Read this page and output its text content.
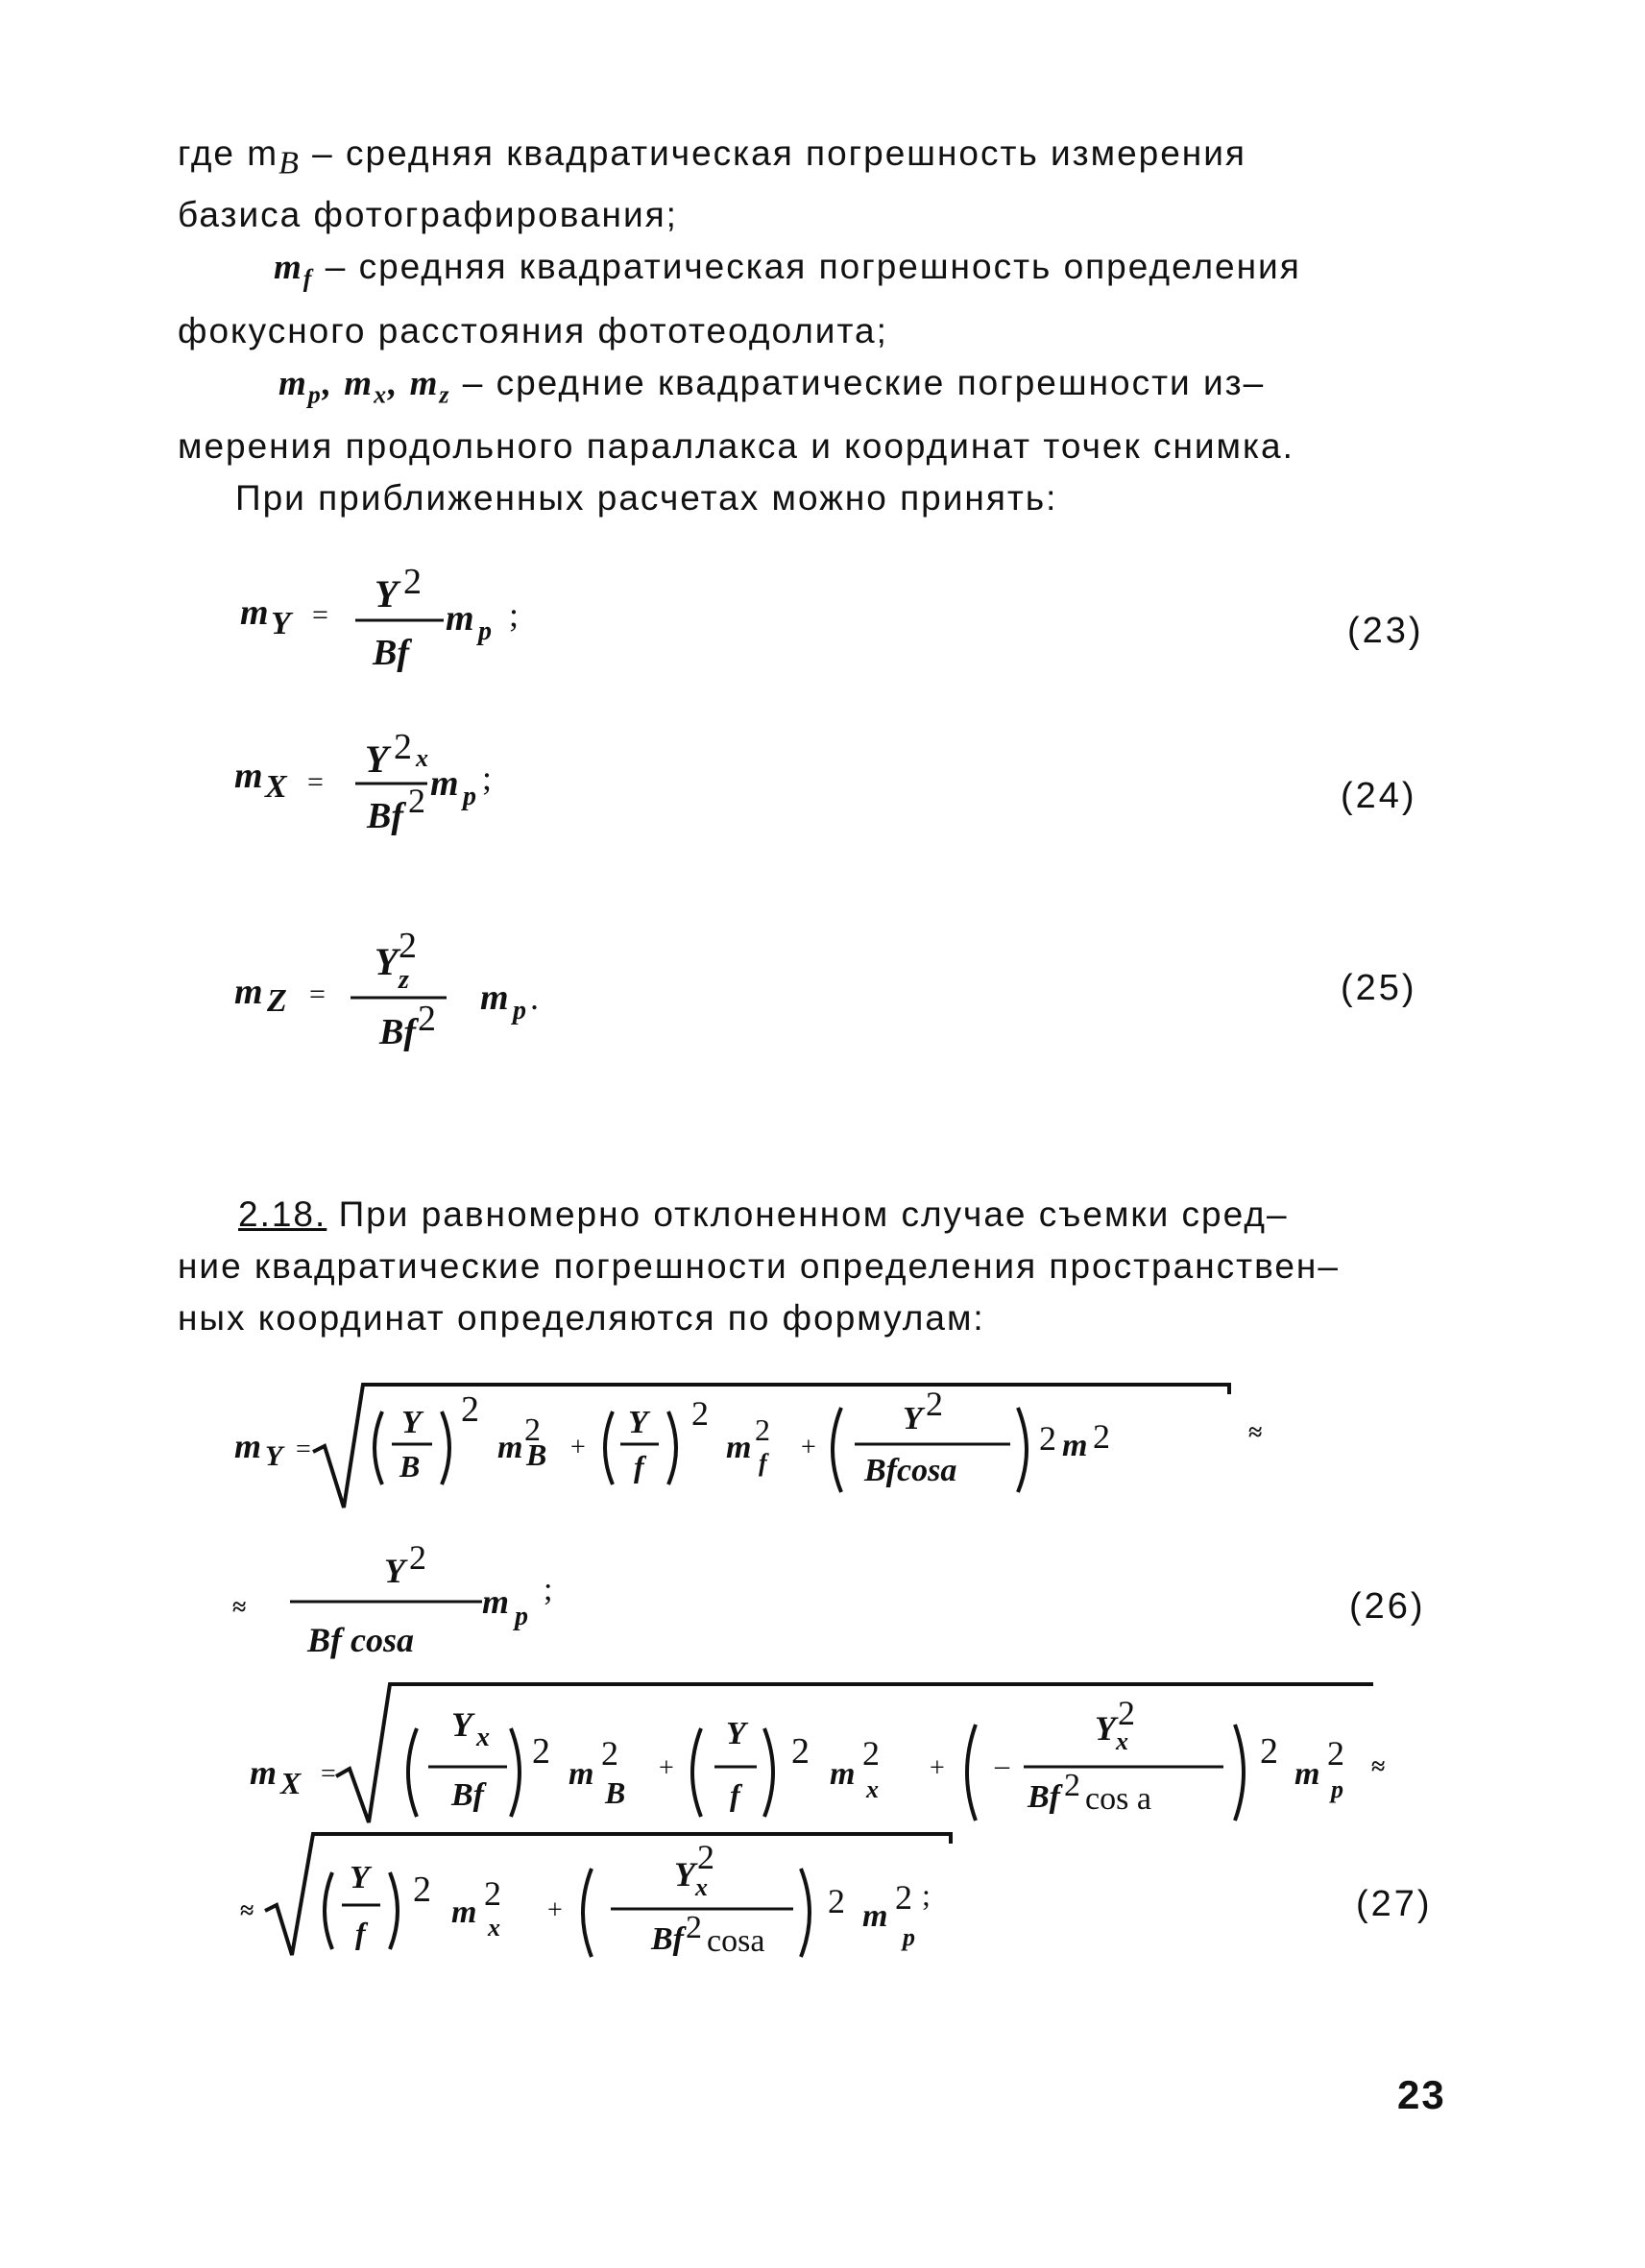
где $m_B$ – средняя квадратическая погрешность измерения
базиса фотографирования;
$m_f$ – средняя квадратическая погрешность определения
фокусного расстояния фототеодолита;
$m_p$, $m_x$, $m_z$ – средние квадратические погрешности из–
мерения продольного параллакса и координат точек снимка.
При приближенных расчетах можно принять:
m Y = Y 2
Bf
m p ;	(23)
m X =
Y 2 x
Bf 2 m p ;	(24)
m Z =
Y 2
z
Bf 2
m p .	(25)
2.18. При равномерно отклоненном случае съемки сред–
ние квадратические погрешности определения пространствен–
ных координат определяются по формулам:
m Y =
Y
B
2
m 2
B +
Y
f
2
m 2
f
+
Y 2
Bfcosa
2 m 2	≈
≈
Y 2
Bf cosa
m p
;	(26)
m X =
Y x
Bf
2
m
2
B
+
Y
f
2
m
2
x
+ –
Y 2
x
Bf 2 cos a
2
m
2
p
≈
≈
Y
f
2
m 2
x
+
Y 2
x
Bf 2 cosa
2 m 2
p
;	(27)
23
